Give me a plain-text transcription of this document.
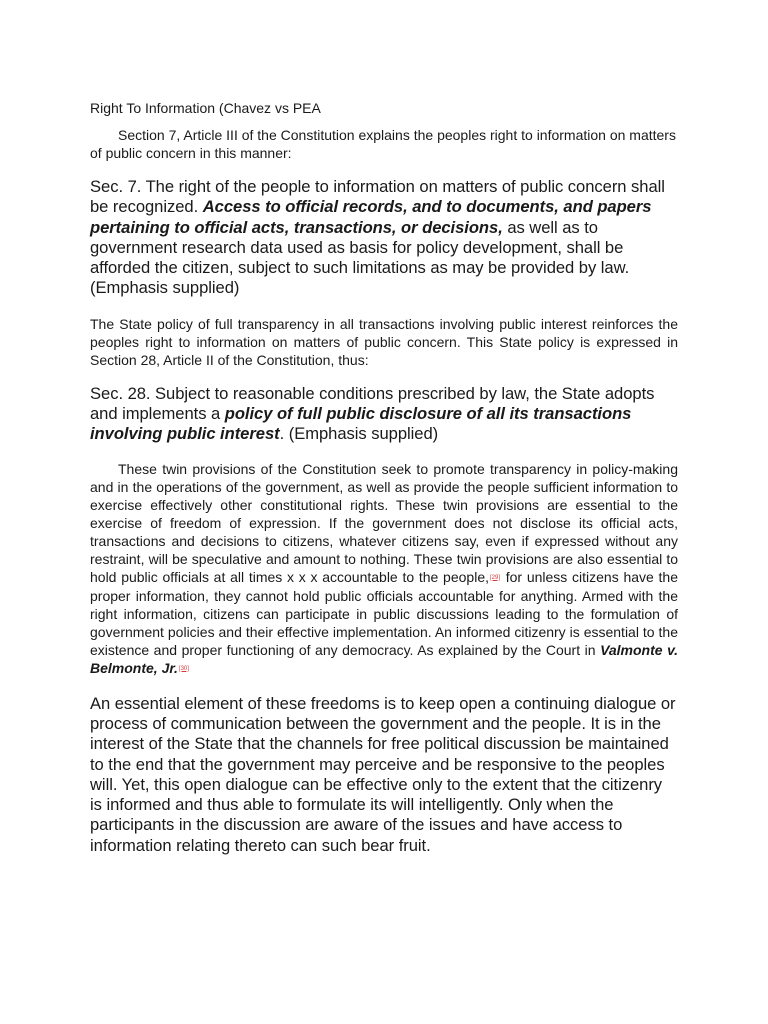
Right To Information (Chavez vs PEA

Section 7, Article III of the Constitution explains the peoples right to information on matters of public concern in this manner:

Sec. 7. The right of the people to information on matters of public concern shall be recognized. Access to official records, and to documents, and papers pertaining to official acts, transactions, or decisions, as well as to government research data used as basis for policy development, shall be afforded the citizen, subject to such limitations as may be provided by law. (Emphasis supplied)

The State policy of full transparency in all transactions involving public interest reinforces the peoples right to information on matters of public concern. This State policy is expressed in Section 28, Article II of the Constitution, thus:

Sec. 28. Subject to reasonable conditions prescribed by law, the State adopts and implements a policy of full public disclosure of all its transactions involving public interest. (Emphasis supplied)

These twin provisions of the Constitution seek to promote transparency in policy-making and in the operations of the government, as well as provide the people sufficient information to exercise effectively other constitutional rights. These twin provisions are essential to the exercise of freedom of expression. If the government does not disclose its official acts, transactions and decisions to citizens, whatever citizens say, even if expressed without any restraint, will be speculative and amount to nothing. These twin provisions are also essential to hold public officials at all times x x x accountable to the people,[29] for unless citizens have the proper information, they cannot hold public officials accountable for anything. Armed with the right information, citizens can participate in public discussions leading to the formulation of government policies and their effective implementation. An informed citizenry is essential to the existence and proper functioning of any democracy. As explained by the Court in Valmonte v. Belmonte, Jr.[30]

An essential element of these freedoms is to keep open a continuing dialogue or process of communication between the government and the people. It is in the interest of the State that the channels for free political discussion be maintained to the end that the government may perceive and be responsive to the peoples will. Yet, this open dialogue can be effective only to the extent that the citizenry is informed and thus able to formulate its will intelligently. Only when the participants in the discussion are aware of the issues and have access to information relating thereto can such bear fruit.
